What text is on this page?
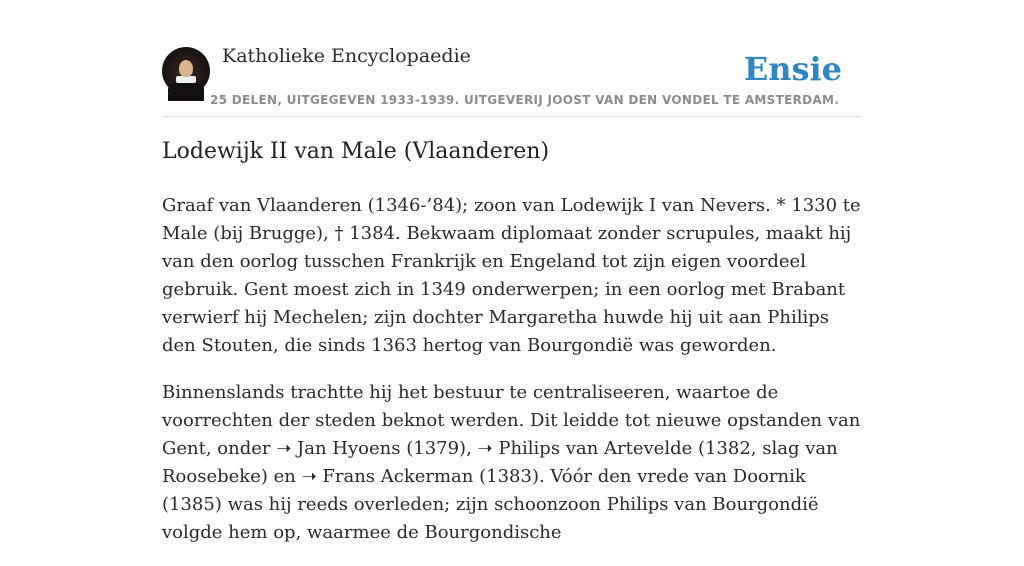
Katholieke Encyclopaedie
25 DELEN, UITGEGEVEN 1933-1939. UITGEVERIJ JOOST VAN DEN VONDEL TE AMSTERDAM.
Ensie
Lodewijk II van Male (Vlaanderen)

Graaf van Vlaanderen (1346-’84); zoon van Lodewijk I van Nevers. * 1330 te Male (bij Brugge), † 1384. Bekwaam diplomaat zonder scrupules, maakt hij van den oorlog tusschen Frankrijk en Engeland tot zijn eigen voordeel gebruik. Gent moest zich in 1349 onderwerpen; in een oorlog met Brabant verwierf hij Mechelen; zijn dochter Margaretha huwde hij uit aan Philips den Stouten, die sinds 1363 hertog van Bourgondië was geworden.

Binnenslands trachtte hij het bestuur te centraliseeren, waartoe de voorrechten der steden beknot werden. Dit leidde tot nieuwe opstanden van Gent, onder ➝ Jan Hyoens (1379), ➝ Philips van Artevelde (1382, slag van Roosebeke) en ➝ Frans Ackerman (1383). Vóór den vrede van Doornik (1385) was hij reeds overleden; zijn schoonzoon Philips van Bourgondië volgde hem op, waarmee de Bourgondische
